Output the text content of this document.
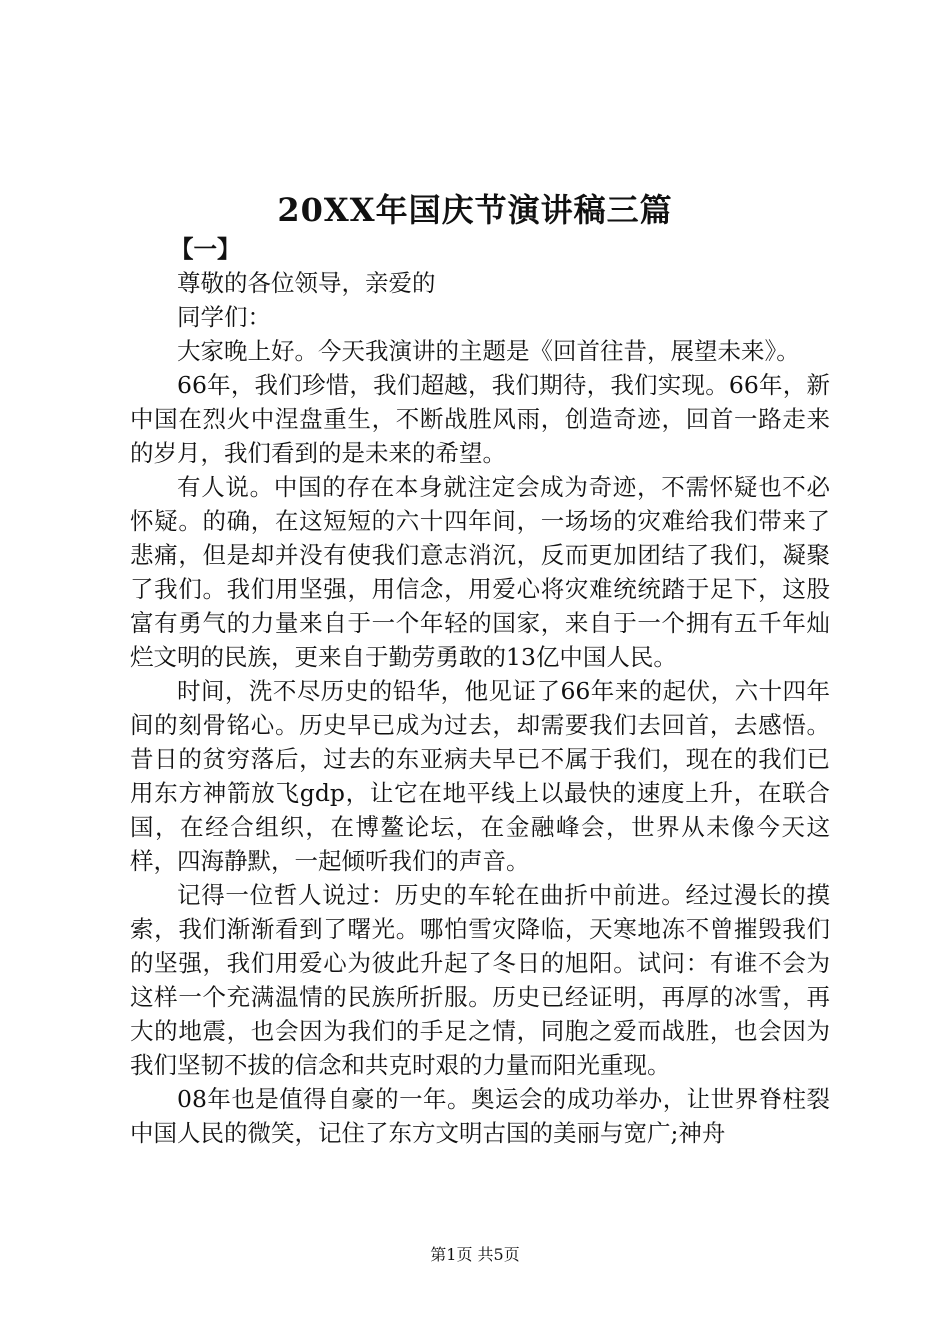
20XX年国庆节演讲稿三篇

【一】

尊敬的各位领导，亲爱的

同学们：

大家晚上好。今天我演讲的主题是《回首往昔，展望未来》。

66年，我们珍惜，我们超越，我们期待，我们实现。66年，新中国在烈火中涅盘重生，不断战胜风雨，创造奇迹，回首一路走来的岁月，我们看到的是未来的希望。

有人说。中国的存在本身就注定会成为奇迹，不需怀疑也不必怀疑。的确，在这短短的六十四年间，一场场的灾难给我们带来了悲痛，但是却并没有使我们意志消沉，反而更加团结了我们，凝聚了我们。我们用坚强，用信念，用爱心将灾难统统踏于足下，这股富有勇气的力量来自于一个年轻的国家，来自于一个拥有五千年灿烂文明的民族，更来自于勤劳勇敢的13亿中国人民。

时间，洗不尽历史的铅华，他见证了66年来的起伏，六十四年间的刻骨铭心。历史早已成为过去，却需要我们去回首，去感悟。昔日的贫穷落后，过去的东亚病夫早已不属于我们，现在的我们已用东方神箭放飞gdp，让它在地平线上以最快的速度上升，在联合国，在经合组织，在博鳌论坛，在金融峰会，世界从未像今天这样，四海静默，一起倾听我们的声音。

记得一位哲人说过：历史的车轮在曲折中前进。经过漫长的摸索，我们渐渐看到了曙光。哪怕雪灾降临，天寒地冻不曾摧毁我们的坚强，我们用爱心为彼此升起了冬日的旭阳。试问：有谁不会为这样一个充满温情的民族所折服。历史已经证明，再厚的冰雪，再大的地震，也会因为我们的手足之情，同胞之爱而战胜，也会因为我们坚韧不拔的信念和共克时艰的力量而阳光重现。

08年也是值得自豪的一年。奥运会的成功举办，让世界脊柱裂中国人民的微笑，记住了东方文明古国的美丽与宽广;神舟

第1页 共5页
